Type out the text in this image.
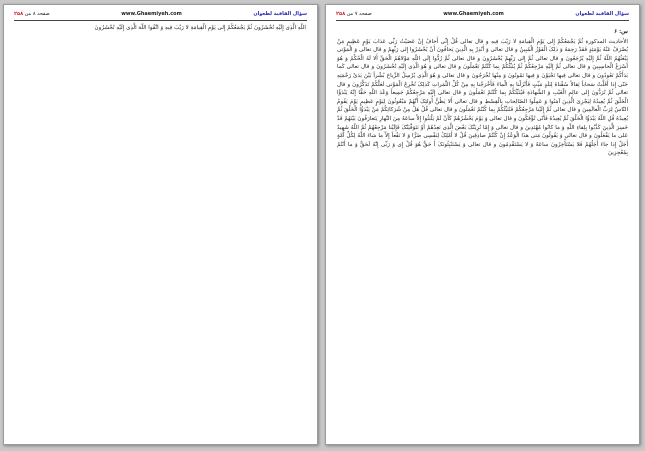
سؤال القافية لطعوان
www.Ghaemiyeh.com
صفحه ۸ من ۲۵۸
اللّهِ الَّذِی إِلَیْهِ تُحْشَرُونَ ثُمَّ یَجْمَعُکُمْ إِلی یَوْمِ الْقِیامَةِ لا رَیْبَ فِیهِ وَ اتَّقُوا اللّهَ الَّذِی إِلَیْهِ تُحْشَرُونَ
سؤال القافية لطعوان
www.Ghaemiyeh.com
صفحه ۷ من ۲۵۸
س: ۶
الأحاديث المذكورة ثُمَّ یَجْمَعُکُمْ إِلی یَوْمِ الْقِیامَةِ لا رَیْبَ فِیهِ و قال تعالی قُلْ إِنِّی أَخافُ إِنْ عَصَیْتُ رَبِّی عَذابَ یَوْمٍ عَظِیمٍ مَنْ یُصْرَفْ عَنْهُ یَوْمَئِذٍ فَقَدْ رَحِمَهُ وَ ذلِکَ الْفَوْزُ الْمُبِینُ و قال تعالی وَ أَنْذِرْ بِهِ الَّذِینَ یَخافُونَ أَنْ یُحْشَرُوا إِلی رَبِّهِمْ و قال تعالی وَ الْمَوْتی یَبْعَثُهُمُ اللّهُ ثُمَّ إِلَیْهِ یُرْجَعُونَ و قال تعالی ثُمَّ إِلی رَبِّهِمْ یُحْشَرُونَ و قال تعالی ثُمَّ رُدُّوا إِلَی اللّهِ مَوْلاهُمُ الْحَقِّ أَلا لَهُ الْحُکْمُ وَ هُوَ أَسْرَعُ الْحاسِبِینَ و قال تعالی ثُمَّ إِلَیْهِ مَرْجِعُکُمْ ثُمَّ یُنَبِّئُکُمْ بِما کُنْتُمْ تَعْمَلُونَ و قال تعالی وَ هُوَ الَّذِی إِلَیْهِ تُحْشَرُونَ و قال تعالی کَما بَدَأَکُمْ تَعُودُونَ و قال تعالی فِیها تَحْیَوْنَ وَ فِیها تَمُوتُونَ وَ مِنْها تُخْرَجُونَ و قال تعالی وَ هُوَ الَّذِی یُرْسِلُ الرِّیاحَ بُشْراً بَیْنَ یَدَیْ رَحْمَتِهِ حَتّی إِذا أَقَلَّتْ سَحاباً ثِقالاً سُقْناهُ لِبَلَدٍ مَیِّتٍ فَأَنْزَلْنا بِهِ الْماءَ فَأَخْرَجْنا بِهِ مِنْ کُلِّ الثَّمَراتِ کَذلِکَ نُخْرِجُ الْمَوْتی لَعَلَّکُمْ تَذَکَّرُونَ و قال تعالی ثُمَّ تُرَدُّونَ إِلی عالِمِ الْغَیْبِ وَ الشَّهادَةِ فَیُنَبِّئُکُمْ بِما کُنْتُمْ تَعْمَلُونَ و قال تعالی إِلَیْهِ مَرْجِعُکُمْ جَمِیعاً وَعْدَ اللّهِ حَقًّا إِنَّهُ یَبْدَؤُا الْخَلْقَ ثُمَّ یُعِیدُهُ لِیَجْزِیَ الَّذِینَ آمَنُوا وَ عَمِلُوا الصّالِحاتِ بِالْقِسْطِ و قال تعالی أَلا یَظُنُّ أُولئِکَ أَنَّهُمْ مَبْعُوثُونَ لِیَوْمٍ عَظِیمٍ یَوْمَ یَقُومُ النّاسُ لِرَبِّ الْعالَمِینَ و قال تعالی ثُمَّ إِلَیْنا مَرْجِعُکُمْ فَنُنَبِّئُکُمْ بِما کُنْتُمْ تَعْمَلُونَ و قال تعالی قُلْ هَلْ مِنْ شُرَکائِکُمْ مَنْ یَبْدَؤُا الْخَلْقَ ثُمَّ یُعِیدُهُ قُلِ اللّهُ یَبْدَؤُا الْخَلْقَ ثُمَّ یُعِیدُهُ فَأَنّی تُؤْفَکُونَ و قال تعالی وَ یَوْمَ یَحْشُرُهُمْ کَأَنْ لَمْ یَلْبَثُوا إِلاّ ساعَةً مِنَ النَّهارِ یَتَعارَفُونَ بَیْنَهُمْ قَدْ خَسِرَ الَّذِینَ کَذَّبُوا بِلِقاءِ اللّهِ وَ ما کانُوا مُهْتَدِینَ و قال تعالی وَ إِمّا نُرِیَنَّکَ بَعْضَ الَّذِی نَعِدُهُمْ أَوْ نَتَوَفَّیَنَّکَ فَإِلَیْنا مَرْجِعُهُمْ ثُمَّ اللّهُ شَهِیدٌ عَلی ما یَفْعَلُونَ و قال تعالی وَ یَقُولُونَ مَتی هذَا الْوَعْدُ إِنْ کُنْتُمْ صادِقِینَ قُلْ لا أَمْلِکُ لِنَفْسِی ضَرًّا وَ لا نَفْعاً إِلاّ ما شاءَ اللّهُ لِکُلِّ أُمَّةٍ أَجَلٌ إِذا جاءَ أَجَلُهُمْ فَلا یَسْتَأْخِرُونَ ساعَةً وَ لا یَسْتَقْدِمُونَ و قال تعالی وَ یَسْتَنْبِئُونَکَ أَ حَقٌّ هُوَ قُلْ إِی وَ رَبِّی إِنَّهُ لَحَقٌّ وَ ما أَنْتُمْ بِمُعْجِزِینَ
